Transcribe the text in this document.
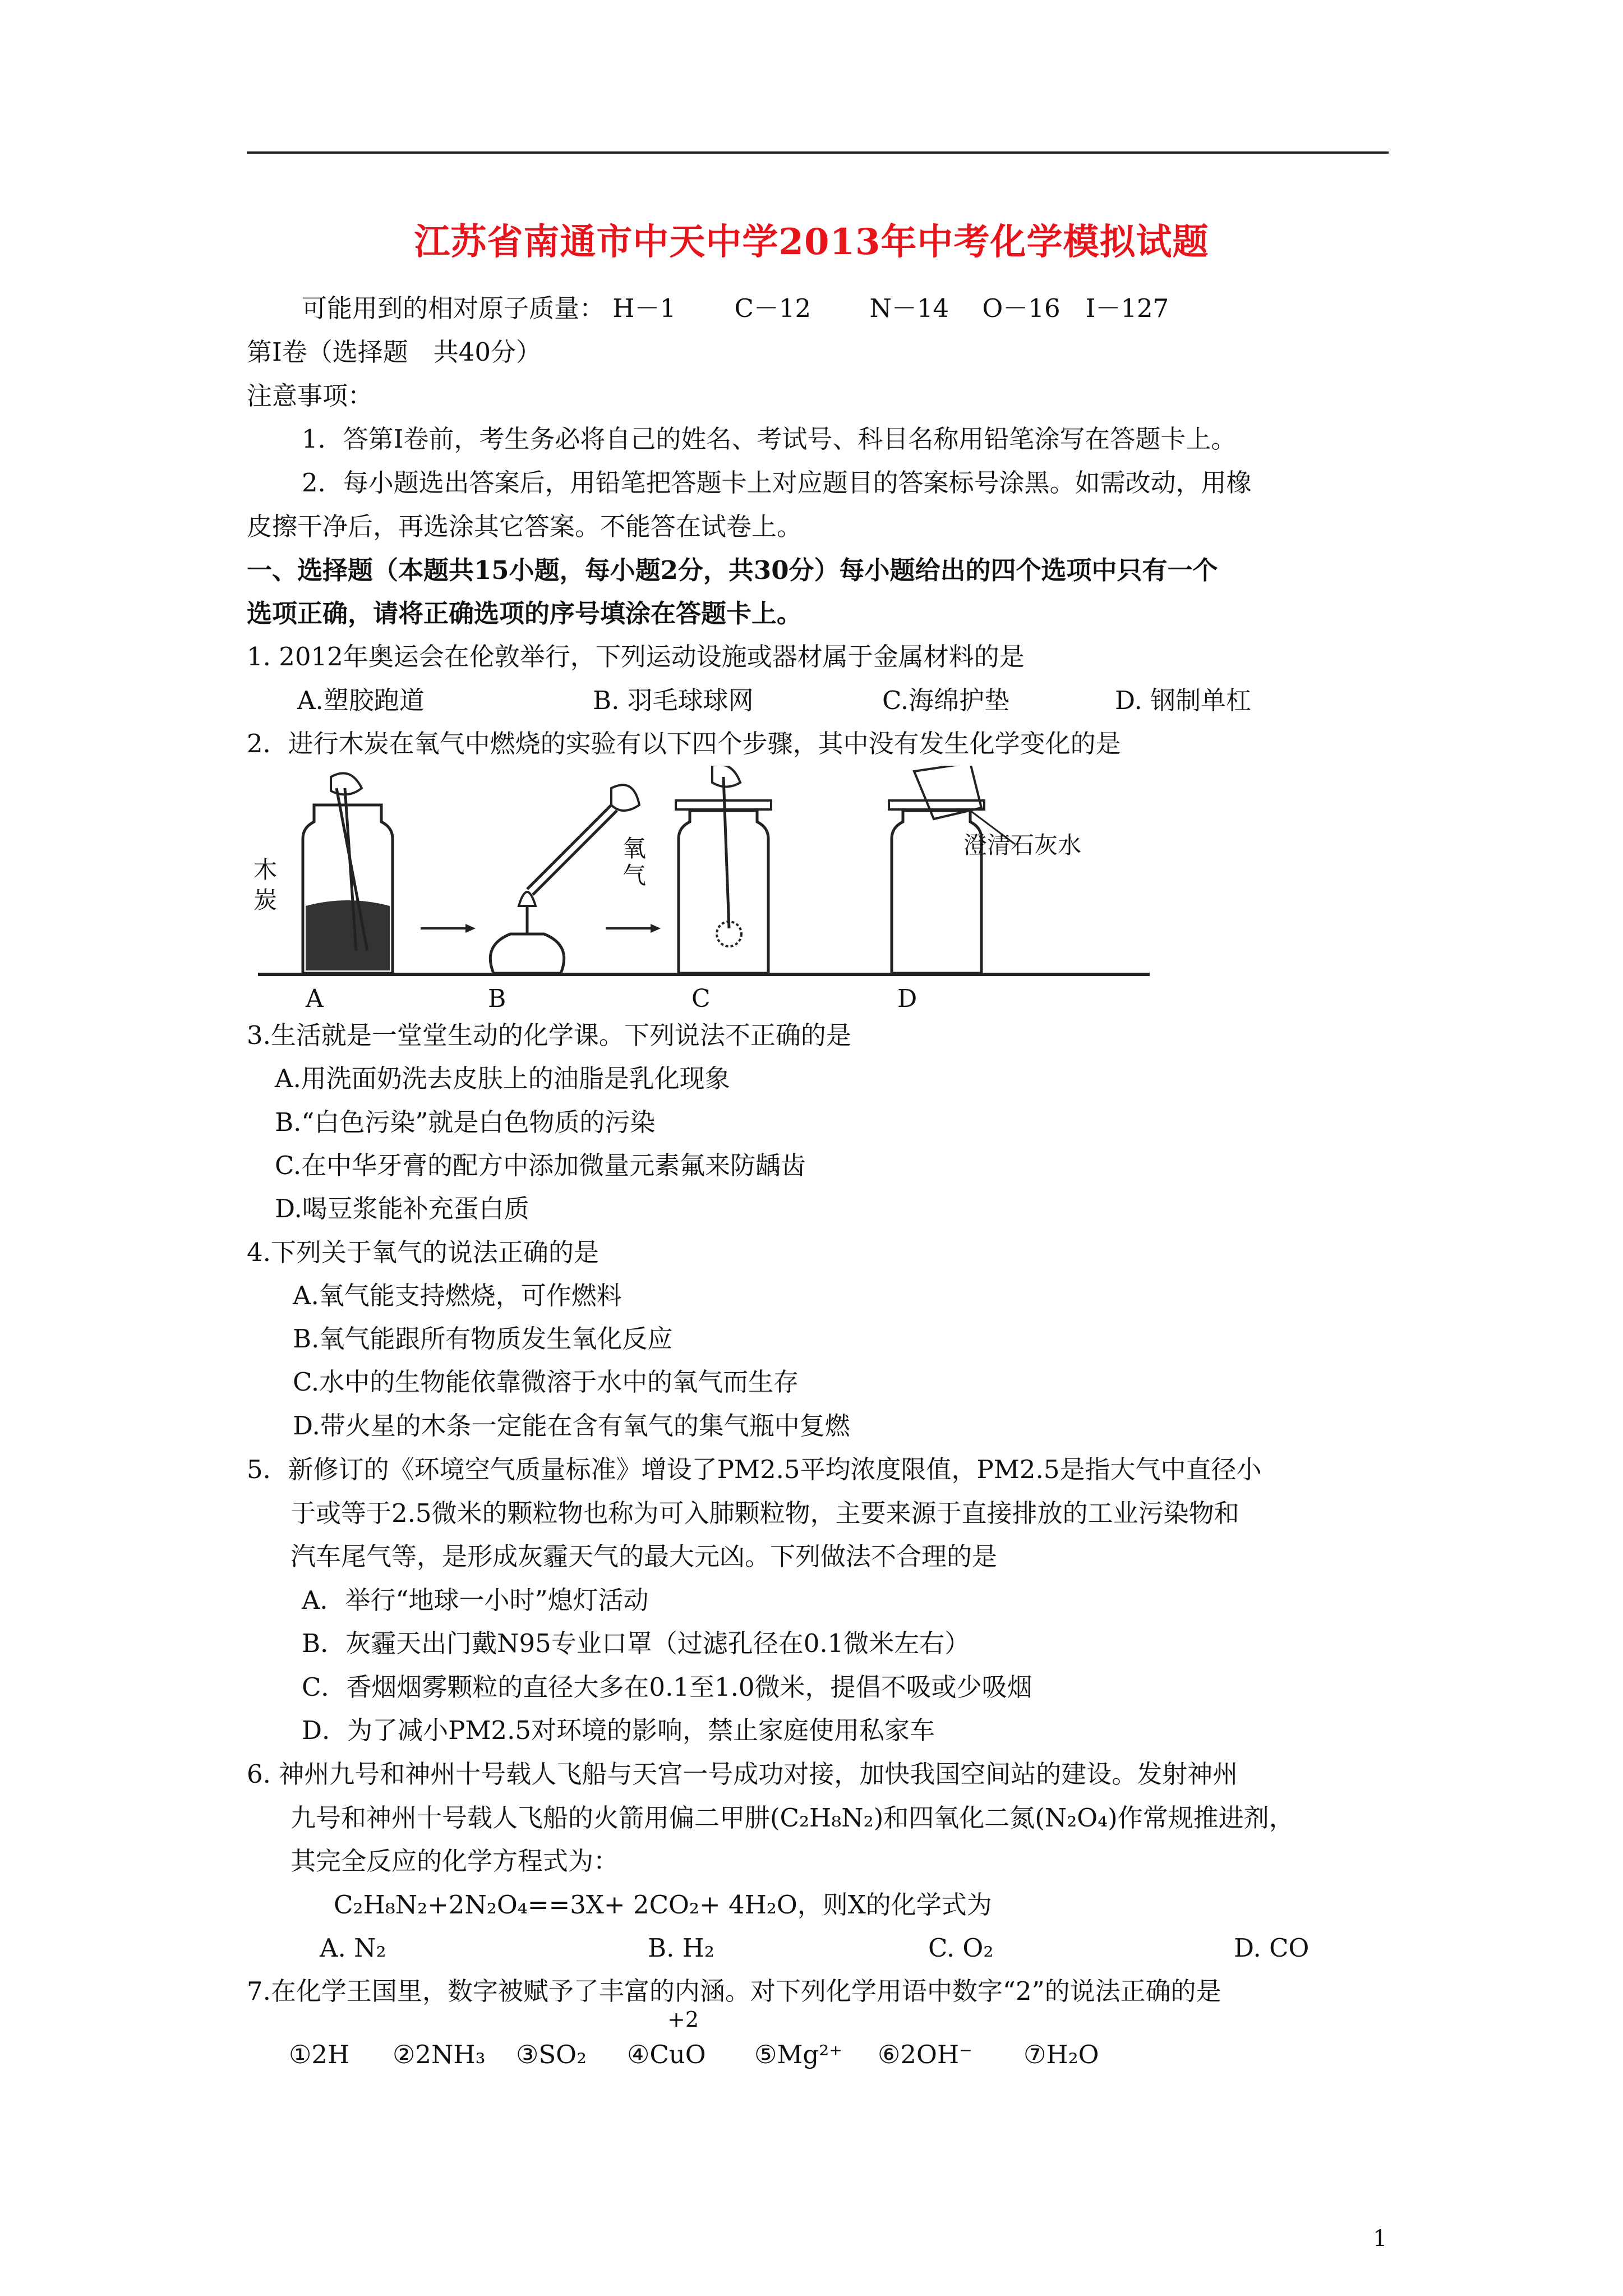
江苏省南通市中天中学2013年中考化学模拟试题
可能用到的相对原子质量： H－1　　 C－12　　 N－14　 O－16　I－127
第Ⅰ卷（选择题　共40分）
注意事项：
1．答第Ⅰ卷前，考生务必将自己的姓名、考试号、科目名称用铅笔涂写在答题卡上。
2．每小题选出答案后，用铅笔把答题卡上对应题目的答案标号涂黑。如需改动，用橡
皮擦干净后，再选涂其它答案。不能答在试卷上。
一、选择题（本题共15小题，每小题2分，共30分）每小题给出的四个选项中只有一个
选项正确，请将正确选项的序号填涂在答题卡上。
1. 2012年奥运会在伦敦举行，下列运动设施或器材属于金属材料的是
A.塑胶跑道	B. 羽毛球球网	C.海绵护垫	D. 钢制单杠
2．进行木炭在氧气中燃烧的实验有以下四个步骤，其中没有发生化学变化的是
木
炭
氧
气
澄清石灰水
A	B	C	D
3.生活就是一堂堂生动的化学课。下列说法不正确的是
A.用洗面奶洗去皮肤上的油脂是乳化现象
B.“白色污染”就是白色物质的污染
C.在中华牙膏的配方中添加微量元素氟来防龋齿
D.喝豆浆能补充蛋白质
4.下列关于氧气的说法正确的是
A.氧气能支持燃烧，可作燃料
B.氧气能跟所有物质发生氧化反应
C.水中的生物能依靠微溶于水中的氧气而生存
D.带火星的木条一定能在含有氧气的集气瓶中复燃
5．新修订的《环境空气质量标准》增设了PM2.5平均浓度限值，PM2.5是指大气中直径小
于或等于2.5微米的颗粒物也称为可入肺颗粒物，主要来源于直接排放的工业污染物和
汽车尾气等，是形成灰霾天气的最大元凶。下列做法不合理的是
A．举行“地球一小时”熄灯活动
B．灰霾天出门戴N95专业口罩（过滤孔径在0.1微米左右）
C．香烟烟雾颗粒的直径大多在0.1至1.0微米，提倡不吸或少吸烟
D．为了减小PM2.5对环境的影响，禁止家庭使用私家车
6. 神州九号和神州十号载人飞船与天宫一号成功对接，加快我国空间站的建设。发射神州
九号和神州十号载人飞船的火箭用偏二甲肼(C₂H₈N₂)和四氧化二氮(N₂O₄)作常规推进剂，
其完全反应的化学方程式为：
C₂H₈N₂+2N₂O₄==3X+ 2CO₂+ 4H₂O，则X的化学式为
A. N₂	B. H₂	C. O₂	D. CO
7.在化学王国里，数字被赋予了丰富的内涵。对下列化学用语中数字“2”的说法正确的是
+2
①2H ②2NH₃ ③SO₂ ④CuO ⑤Mg²⁺ ⑥2OH⁻ ⑦H₂O
1
